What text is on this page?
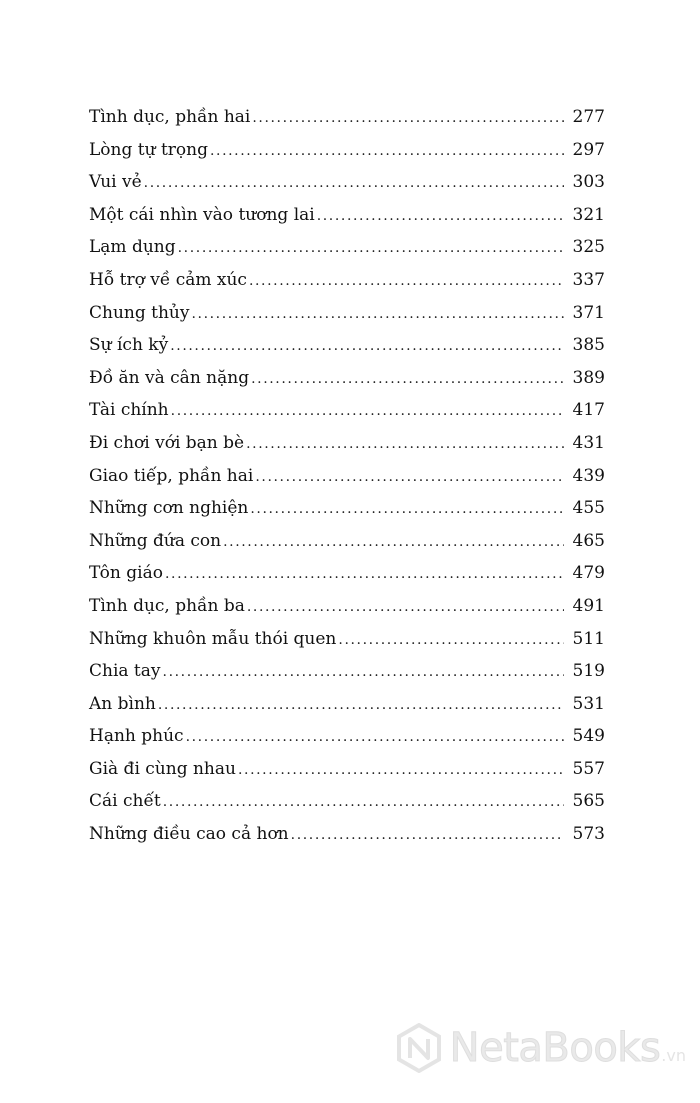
Tình dục, phần hai .....	277
Lòng tự trọng .....	297
Vui vẻ .....	303
Một cái nhìn vào tương lai .....	321
Lạm dụng .....	325
Hỗ trợ về cảm xúc .....	337
Chung thủy .....	371
Sự ích kỷ .....	385
Đồ ăn và cân nặng .....	389
Tài chính .....	417
Đi chơi với bạn bè .....	431
Giao tiếp, phần hai .....	439
Những cơn nghiện .....	455
Những đứa con .....	465
Tôn giáo .....	479
Tình dục, phần ba .....	491
Những khuôn mẫu thói quen .....	511
Chia tay .....	519
An bình .....	531
Hạnh phúc .....	549
Già đi cùng nhau .....	557
Cái chết .....	565
Những điều cao cả hơn .....	573
NetaBooks .vn
